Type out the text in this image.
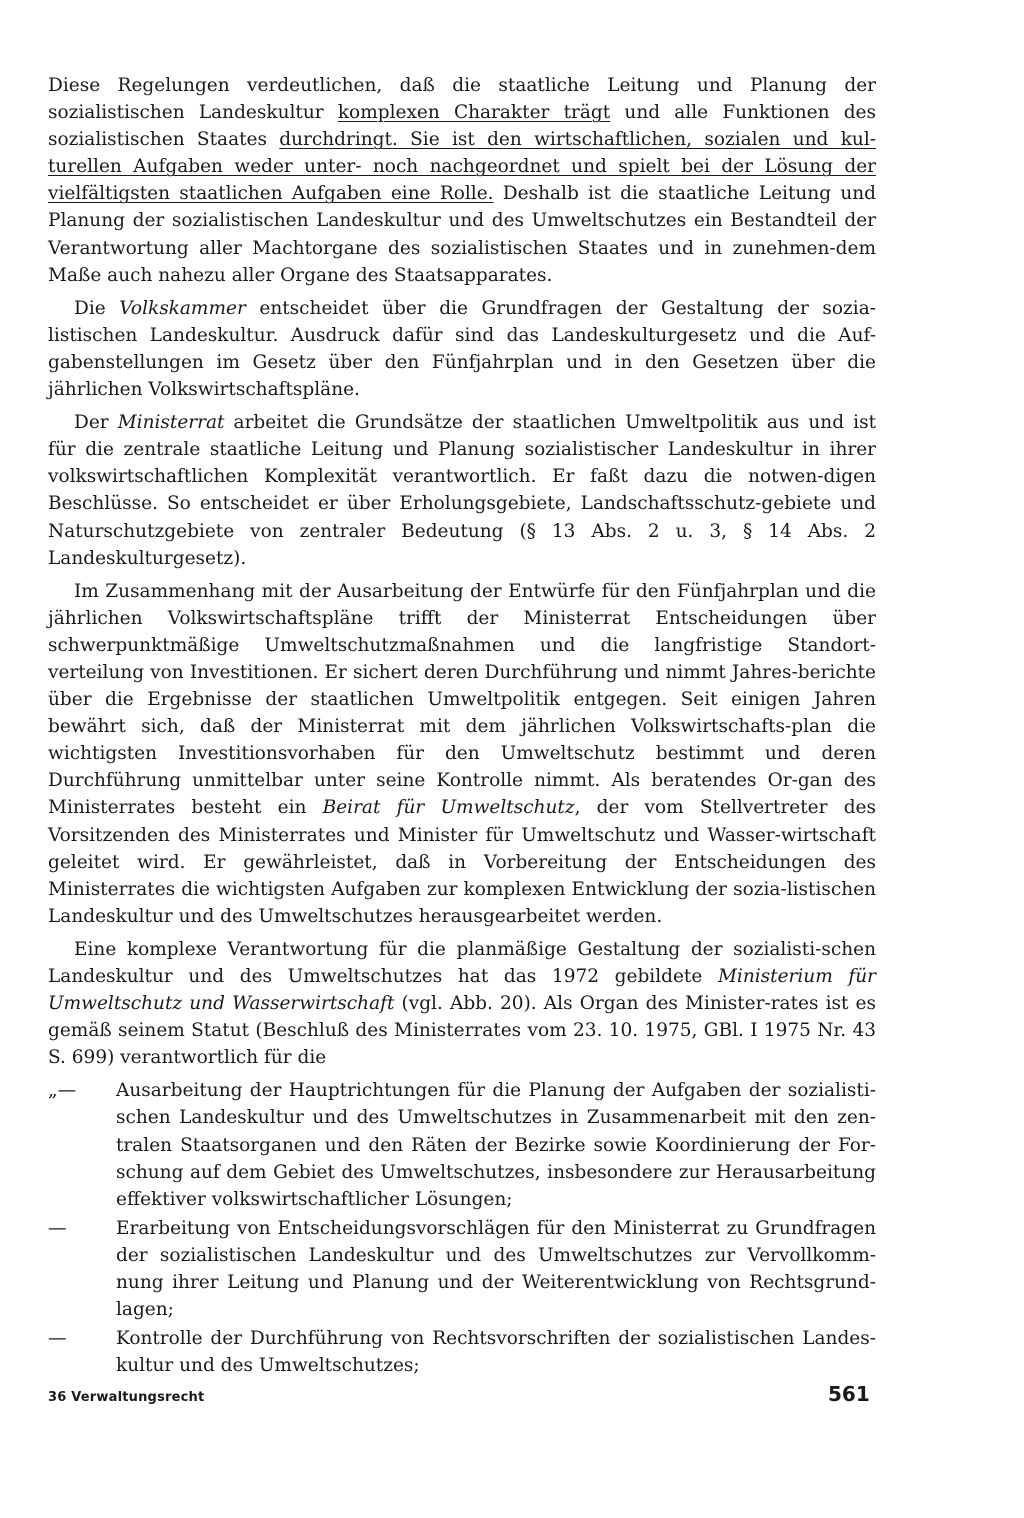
Diese Regelungen verdeutlichen, daß die staatliche Leitung und Planung der sozialistischen Landeskultur komplexen Charakter trägt und alle Funktionen des sozialistischen Staates durchdringt. Sie ist den wirtschaftlichen, sozialen und kul-turellen Aufgaben weder unter- noch nachgeordnet und spielt bei der Lösung der vielfältigsten staatlichen Aufgaben eine Rolle. Deshalb ist die staatliche Leitung und Planung der sozialistischen Landeskultur und des Umweltschutzes ein Bestandteil der Verantwortung aller Machtorgane des sozialistischen Staates und in zunehmen-dem Maße auch nahezu aller Organe des Staatsapparates.

Die Volkskammer entscheidet über die Grundfragen der Gestaltung der sozia-listischen Landeskultur. Ausdruck dafür sind das Landeskulturgesetz und die Auf-gabenstellungen im Gesetz über den Fünfjahrplan und in den Gesetzen über die jährlichen Volkswirtschaftspläne.

Der Ministerrat arbeitet die Grundsätze der staatlichen Umweltpolitik aus und ist für die zentrale staatliche Leitung und Planung sozialistischer Landeskultur in ihrer volkswirtschaftlichen Komplexität verantwortlich. Er faßt dazu die notwen-digen Beschlüsse. So entscheidet er über Erholungsgebiete, Landschaftsschutz-gebiete und Naturschutzgebiete von zentraler Bedeutung (§ 13 Abs. 2 u. 3, § 14 Abs. 2 Landeskulturgesetz).

Im Zusammenhang mit der Ausarbeitung der Entwürfe für den Fünfjahrplan und die jährlichen Volkswirtschaftspläne trifft der Ministerrat Entscheidungen über schwerpunktmäßige Umweltschutzmaßnahmen und die langfristige Standort-verteilung von Investitionen. Er sichert deren Durchführung und nimmt Jahres-berichte über die Ergebnisse der staatlichen Umweltpolitik entgegen. Seit einigen Jahren bewährt sich, daß der Ministerrat mit dem jährlichen Volkswirtschafts-plan die wichtigsten Investitionsvorhaben für den Umweltschutz bestimmt und deren Durchführung unmittelbar unter seine Kontrolle nimmt. Als beratendes Or-gan des Ministerrates besteht ein Beirat für Umweltschutz, der vom Stellvertreter des Vorsitzenden des Ministerrates und Minister für Umweltschutz und Wasser-wirtschaft geleitet wird. Er gewährleistet, daß in Vorbereitung der Entscheidungen des Ministerrates die wichtigsten Aufgaben zur komplexen Entwicklung der sozia-listischen Landeskultur und des Umweltschutzes herausgearbeitet werden.

Eine komplexe Verantwortung für die planmäßige Gestaltung der sozialisti-schen Landeskultur und des Umweltschutzes hat das 1972 gebildete Ministerium für Umweltschutz und Wasserwirtschaft (vgl. Abb. 20). Als Organ des Minister-rates ist es gemäß seinem Statut (Beschluß des Ministerrates vom 23. 10. 1975, GBl. I 1975 Nr. 43 S. 699) verantwortlich für die

„— Ausarbeitung der Hauptrichtungen für die Planung der Aufgaben der sozialisti-schen Landeskultur und des Umweltschutzes in Zusammenarbeit mit den zen-tralen Staatsorganen und den Räten der Bezirke sowie Koordinierung der For-schung auf dem Gebiet des Umweltschutzes, insbesondere zur Herausarbeitung effektiver volkswirtschaftlicher Lösungen;
—	Erarbeitung von Entscheidungsvorschlägen für den Ministerrat zu Grundfragen der sozialistischen Landeskultur und des Umweltschutzes zur Vervollkomm-nung ihrer Leitung und Planung und der Weiterentwicklung von Rechtsgrund-lagen;
—	Kontrolle der Durchführung von Rechtsvorschriften der sozialistischen Landes-kultur und des Umweltschutzes;
36 Verwaltungsrecht	561
